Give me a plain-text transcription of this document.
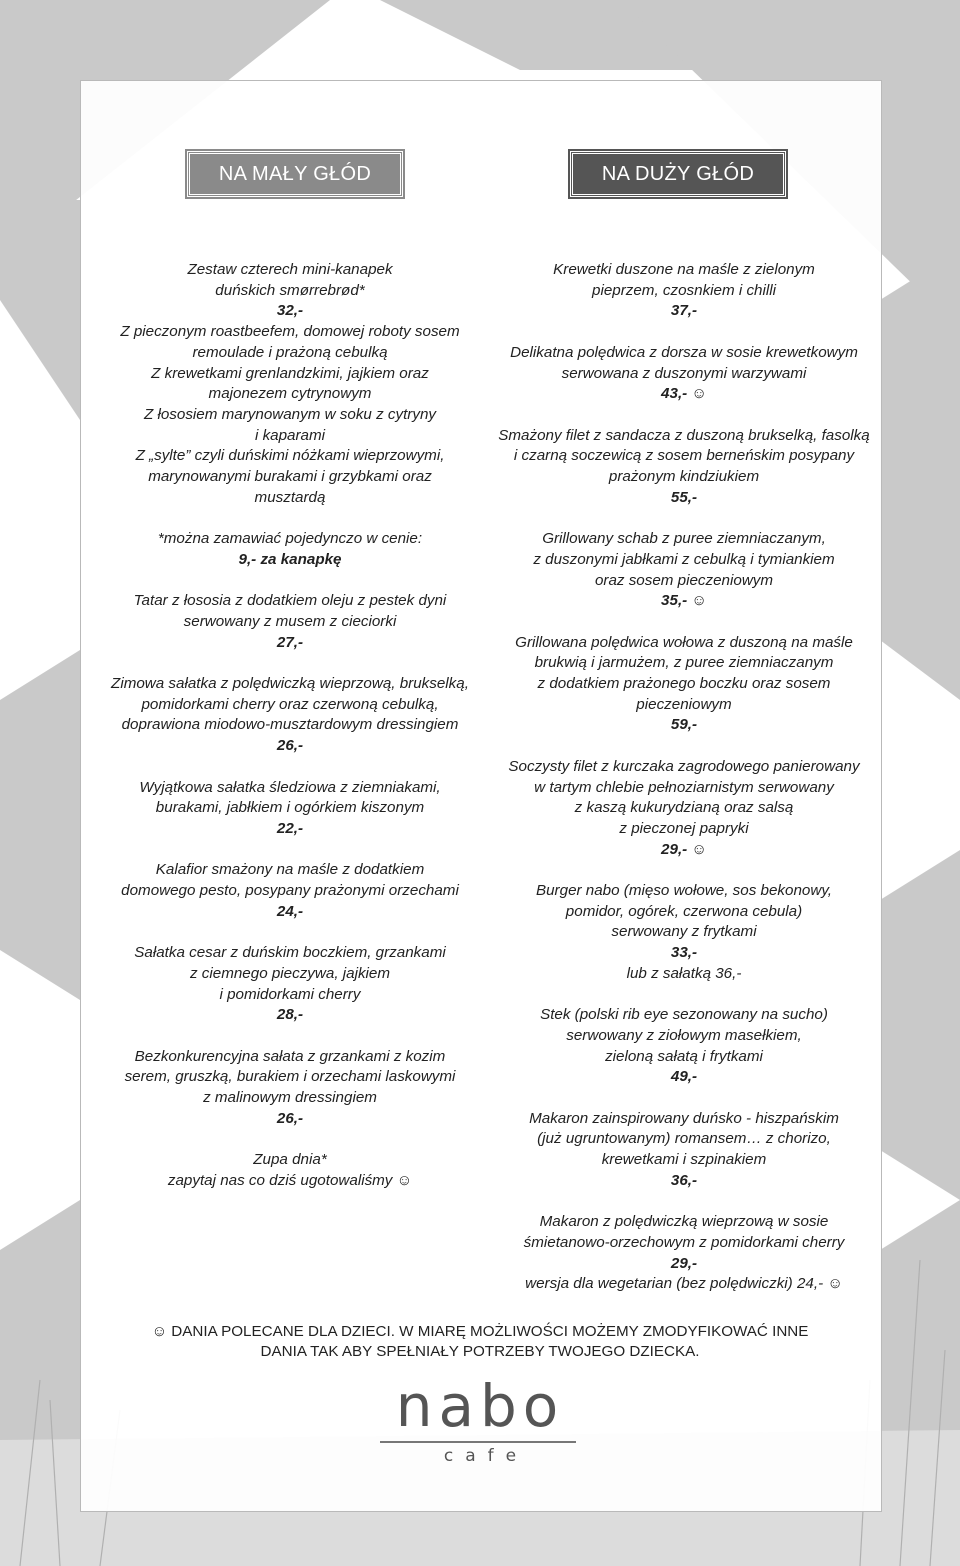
NA MAŁY GŁÓD	NA DUŻY GŁÓD
Zestaw czterech mini-kanapek
duńskich smørrebrød*
32,-
Z pieczonym roastbeefem, domowej roboty sosem
remoulade i prażoną cebulką
Z krewetkami grenlandzkimi, jajkiem oraz
majonezem cytrynowym
Z łososiem marynowanym w soku z cytryny
i kaparami
Z „sylte” czyli duńskimi nóżkami wieprzowymi,
marynowanymi burakami i grzybkami oraz
musztardą
*można zamawiać pojedynczo w cenie:
9,- za kanapkę
Tatar z łososia z dodatkiem oleju z pestek dyni
serwowany z musem z cieciorki
27,-
Zimowa sałatka z polędwiczką wieprzową, brukselką,
pomidorkami cherry oraz czerwoną cebulką,
doprawiona miodowo-musztardowym dressingiem
26,-
Wyjątkowa sałatka śledziowa z ziemniakami,
burakami, jabłkiem i ogórkiem kiszonym
22,-
Kalafior smażony na maśle z dodatkiem
domowego pesto, posypany prażonymi orzechami
24,-
Sałatka cesar z duńskim boczkiem, grzankami
z ciemnego pieczywa, jajkiem
i pomidorkami cherry
28,-
Bezkonkurencyjna sałata z grzankami z kozim
serem, gruszką, burakiem i orzechami laskowymi
z malinowym dressingiem
26,-
Zupa dnia*
zapytaj nas co dziś ugotowaliśmy ☺
Krewetki duszone na maśle z zielonym
pieprzem, czosnkiem i chilli
37,-
Delikatna polędwica z dorsza w sosie krewetkowym
serwowana z duszonymi warzywami
43,- ☺
Smażony filet z sandacza z duszoną brukselką, fasolką
i czarną soczewicą z sosem berneńskim posypany
prażonym kindziukiem
55,-
Grillowany schab z puree ziemniaczanym,
z duszonymi jabłkami z cebulką i tymiankiem
oraz sosem pieczeniowym
35,- ☺
Grillowana polędwica wołowa z duszoną na maśle
brukwią i jarmużem, z puree ziemniaczanym
z dodatkiem prażonego boczku oraz sosem
pieczeniowym
59,-
Soczysty filet z kurczaka zagrodowego panierowany
w tartym chlebie pełnoziarnistym serwowany
z kaszą kukurydzianą oraz salsą
z pieczonej papryki
29,- ☺
Burger nabo (mięso wołowe, sos bekonowy,
pomidor, ogórek, czerwona cebula)
serwowany z frytkami
33,-
lub z sałatką 36,-
Stek (polski rib eye sezonowany na sucho)
serwowany z ziołowym masełkiem,
zieloną sałatą i frytkami
49,-
Makaron zainspirowany duńsko - hiszpańskim
(już ugruntowanym) romansem… z chorizo,
krewetkami i szpinakiem
36,-
Makaron z polędwiczką wieprzową w sosie
śmietanowo-orzechowym z pomidorkami cherry
29,-
wersja dla wegetarian (bez polędwiczki) 24,- ☺
☺ DANIA POLECANE DLA DZIECI. W MIARĘ MOŻLIWOŚCI MOŻEMY ZMODYFIKOWAĆ INNE
DANIA TAK ABY SPEŁNIAŁY POTRZEBY TWOJEGO DZIECKA.
nabo
cafe
